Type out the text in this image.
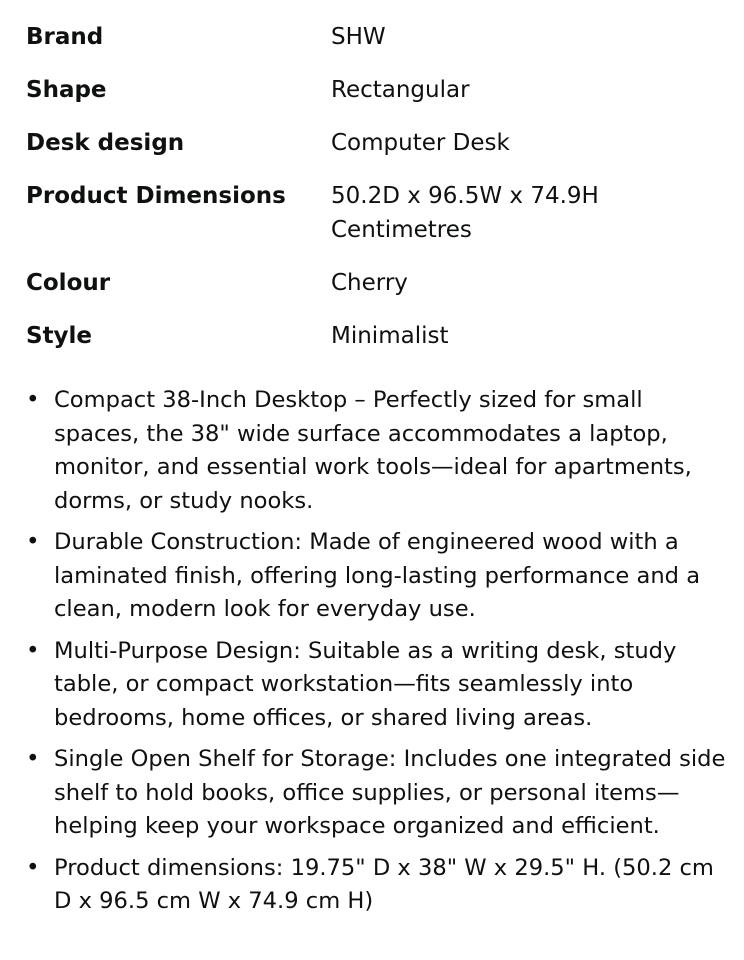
Brand	SHW
Shape	Rectangular
Desk design	Computer Desk
Product Dimensions	50.2D x 96.5W x 74.9H Centimetres
Colour	Cherry
Style	Minimalist
• Compact 38-Inch Desktop – Perfectly sized for small spaces, the 38" wide surface accommodates a laptop, monitor, and essential work tools—ideal for apartments, dorms, or study nooks.
• Durable Construction: Made of engineered wood with a laminated finish, offering long-lasting performance and a clean, modern look for everyday use.
• Multi-Purpose Design: Suitable as a writing desk, study table, or compact workstation—fits seamlessly into bedrooms, home offices, or shared living areas.
• Single Open Shelf for Storage: Includes one integrated side shelf to hold books, office supplies, or personal items—helping keep your workspace organized and efficient.
• Product dimensions: 19.75" D x 38" W x 29.5" H. (50.2 cm D x 96.5 cm W x 74.9 cm H)
